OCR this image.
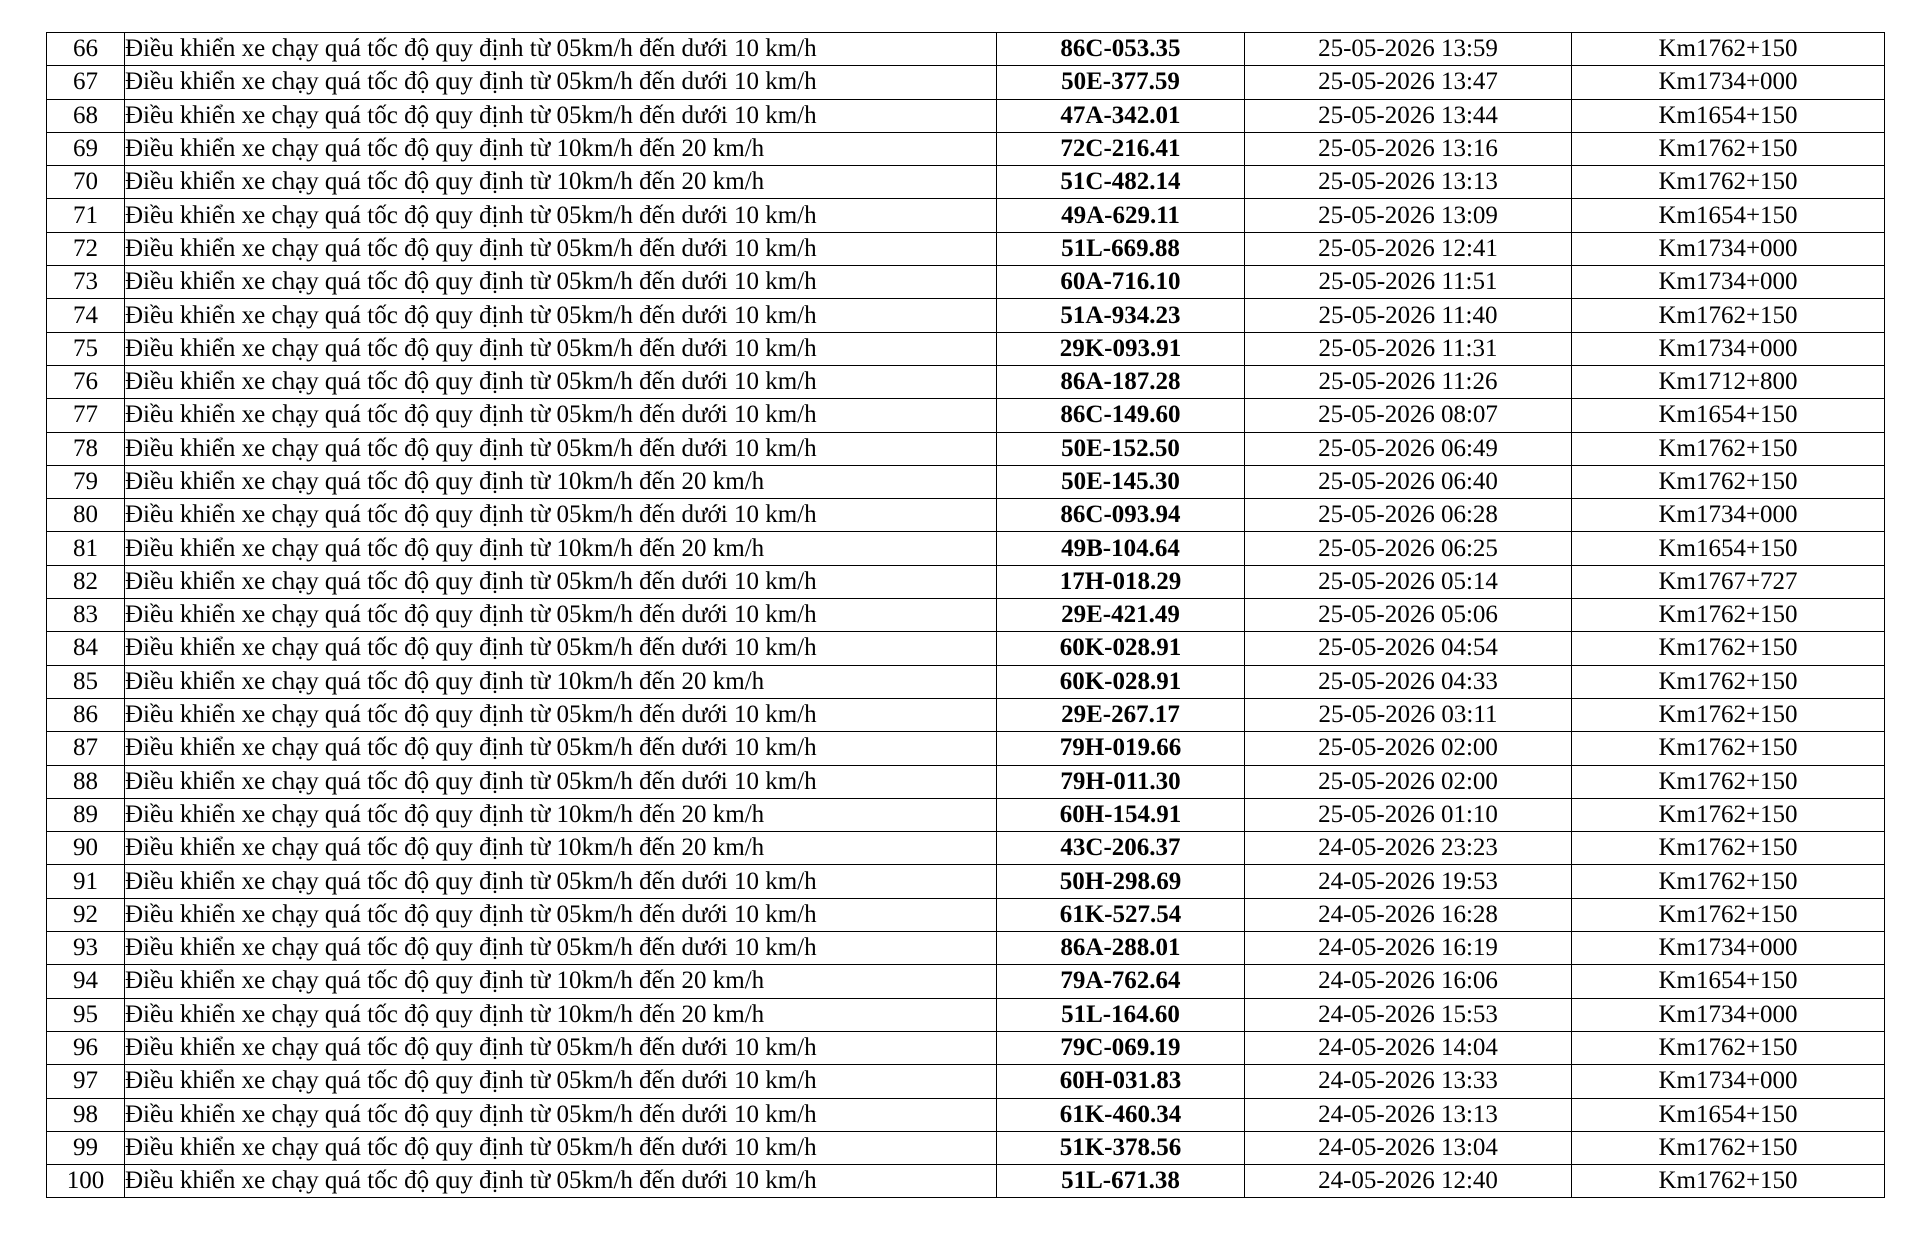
66	Điều khiển xe chạy quá tốc độ quy định từ 05km/h đến dưới 10 km/h	86C-053.35	25-05-2026 13:59	Km1762+150
67	Điều khiển xe chạy quá tốc độ quy định từ 05km/h đến dưới 10 km/h	50E-377.59	25-05-2026 13:47	Km1734+000
68	Điều khiển xe chạy quá tốc độ quy định từ 05km/h đến dưới 10 km/h	47A-342.01	25-05-2026 13:44	Km1654+150
69	Điều khiển xe chạy quá tốc độ quy định từ 10km/h đến 20 km/h	72C-216.41	25-05-2026 13:16	Km1762+150
70	Điều khiển xe chạy quá tốc độ quy định từ 10km/h đến 20 km/h	51C-482.14	25-05-2026 13:13	Km1762+150
71	Điều khiển xe chạy quá tốc độ quy định từ 05km/h đến dưới 10 km/h	49A-629.11	25-05-2026 13:09	Km1654+150
72	Điều khiển xe chạy quá tốc độ quy định từ 05km/h đến dưới 10 km/h	51L-669.88	25-05-2026 12:41	Km1734+000
73	Điều khiển xe chạy quá tốc độ quy định từ 05km/h đến dưới 10 km/h	60A-716.10	25-05-2026 11:51	Km1734+000
74	Điều khiển xe chạy quá tốc độ quy định từ 05km/h đến dưới 10 km/h	51A-934.23	25-05-2026 11:40	Km1762+150
75	Điều khiển xe chạy quá tốc độ quy định từ 05km/h đến dưới 10 km/h	29K-093.91	25-05-2026 11:31	Km1734+000
76	Điều khiển xe chạy quá tốc độ quy định từ 05km/h đến dưới 10 km/h	86A-187.28	25-05-2026 11:26	Km1712+800
77	Điều khiển xe chạy quá tốc độ quy định từ 05km/h đến dưới 10 km/h	86C-149.60	25-05-2026 08:07	Km1654+150
78	Điều khiển xe chạy quá tốc độ quy định từ 05km/h đến dưới 10 km/h	50E-152.50	25-05-2026 06:49	Km1762+150
79	Điều khiển xe chạy quá tốc độ quy định từ 10km/h đến 20 km/h	50E-145.30	25-05-2026 06:40	Km1762+150
80	Điều khiển xe chạy quá tốc độ quy định từ 05km/h đến dưới 10 km/h	86C-093.94	25-05-2026 06:28	Km1734+000
81	Điều khiển xe chạy quá tốc độ quy định từ 10km/h đến 20 km/h	49B-104.64	25-05-2026 06:25	Km1654+150
82	Điều khiển xe chạy quá tốc độ quy định từ 05km/h đến dưới 10 km/h	17H-018.29	25-05-2026 05:14	Km1767+727
83	Điều khiển xe chạy quá tốc độ quy định từ 05km/h đến dưới 10 km/h	29E-421.49	25-05-2026 05:06	Km1762+150
84	Điều khiển xe chạy quá tốc độ quy định từ 05km/h đến dưới 10 km/h	60K-028.91	25-05-2026 04:54	Km1762+150
85	Điều khiển xe chạy quá tốc độ quy định từ 10km/h đến 20 km/h	60K-028.91	25-05-2026 04:33	Km1762+150
86	Điều khiển xe chạy quá tốc độ quy định từ 05km/h đến dưới 10 km/h	29E-267.17	25-05-2026 03:11	Km1762+150
87	Điều khiển xe chạy quá tốc độ quy định từ 05km/h đến dưới 10 km/h	79H-019.66	25-05-2026 02:00	Km1762+150
88	Điều khiển xe chạy quá tốc độ quy định từ 05km/h đến dưới 10 km/h	79H-011.30	25-05-2026 02:00	Km1762+150
89	Điều khiển xe chạy quá tốc độ quy định từ 10km/h đến 20 km/h	60H-154.91	25-05-2026 01:10	Km1762+150
90	Điều khiển xe chạy quá tốc độ quy định từ 10km/h đến 20 km/h	43C-206.37	24-05-2026 23:23	Km1762+150
91	Điều khiển xe chạy quá tốc độ quy định từ 05km/h đến dưới 10 km/h	50H-298.69	24-05-2026 19:53	Km1762+150
92	Điều khiển xe chạy quá tốc độ quy định từ 05km/h đến dưới 10 km/h	61K-527.54	24-05-2026 16:28	Km1762+150
93	Điều khiển xe chạy quá tốc độ quy định từ 05km/h đến dưới 10 km/h	86A-288.01	24-05-2026 16:19	Km1734+000
94	Điều khiển xe chạy quá tốc độ quy định từ 10km/h đến 20 km/h	79A-762.64	24-05-2026 16:06	Km1654+150
95	Điều khiển xe chạy quá tốc độ quy định từ 10km/h đến 20 km/h	51L-164.60	24-05-2026 15:53	Km1734+000
96	Điều khiển xe chạy quá tốc độ quy định từ 05km/h đến dưới 10 km/h	79C-069.19	24-05-2026 14:04	Km1762+150
97	Điều khiển xe chạy quá tốc độ quy định từ 05km/h đến dưới 10 km/h	60H-031.83	24-05-2026 13:33	Km1734+000
98	Điều khiển xe chạy quá tốc độ quy định từ 05km/h đến dưới 10 km/h	61K-460.34	24-05-2026 13:13	Km1654+150
99	Điều khiển xe chạy quá tốc độ quy định từ 05km/h đến dưới 10 km/h	51K-378.56	24-05-2026 13:04	Km1762+150
100	Điều khiển xe chạy quá tốc độ quy định từ 05km/h đến dưới 10 km/h	51L-671.38	24-05-2026 12:40	Km1762+150
